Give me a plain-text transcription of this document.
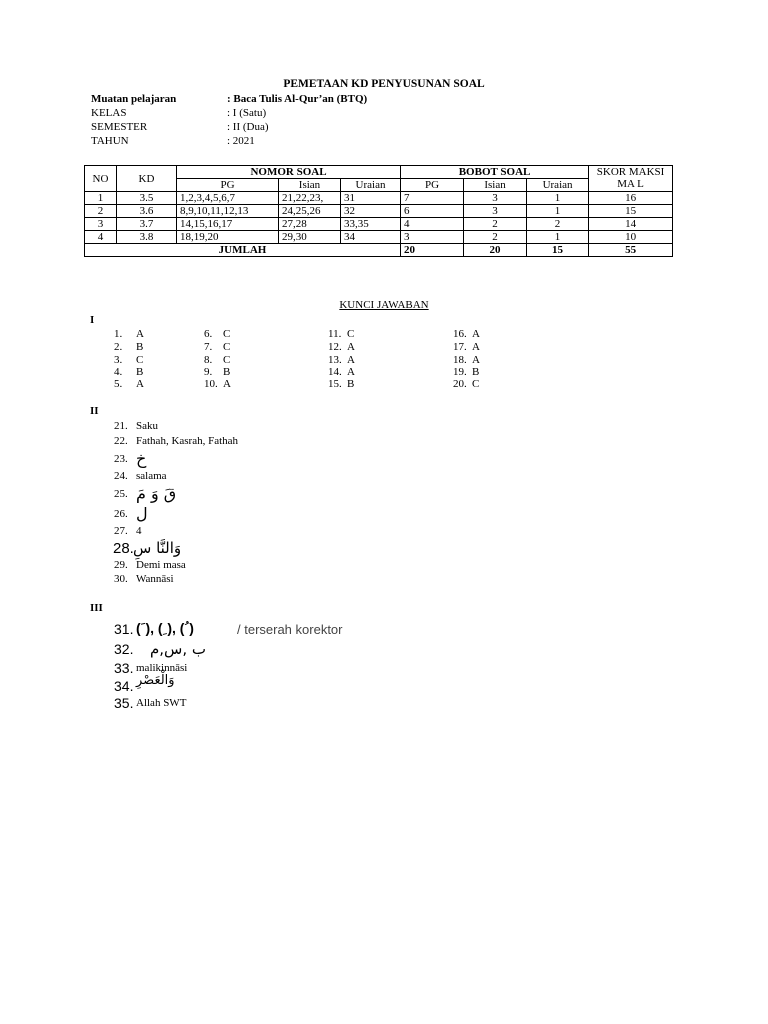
PEMETAAN KD PENYUSUNAN SOAL
Muatan pelajaran	: Baca Tulis Al-Qur’an (BTQ)
KELAS	: I (Satu)
SEMESTER	: II (Dua)
TAHUN	: 2021
NO	KD	NOMOR SOAL			BOBOT SOAL			SKOR MAKSIMA L
		PG	Isian	Uraian	PG	Isian	Uraian	
1	3.5	1,2,3,4,5,6,7	21,22,23,	31	7	3	1	16
2	3.6	8,9,10,11,12,13	24,25,26	32	6	3	1	15
3	3.7	14,15,16,17	27,28	33,35	4	2	2	14
4	3.8	18,19,20	29,30	34	3	2	1	10
JUMLAH					20	20	15	55
KUNCI JAWABAN
I
1. A
2. B
3. C
4. B
5. A
6. C
7. C
8. C
9. B
10. A
11. C
12. A
13. A
14. A
15. B
16. A
17. A
18. A
19. B
20. C
II
21. Saku
22. Fathah, Kasrah, Fathah
23. خ
24. salama
25. قَ وَ مَ
26. ل
27. 4
28. وَالنَّا سِ
29. Demi masa
30. Wannāsi
III
31. ( َ), ( ِ), ( ُ)	/ terserah korektor
32. ب ,س,م
33. malikinnāsi
34. وَالْعَصْرِ
35. Allah SWT
